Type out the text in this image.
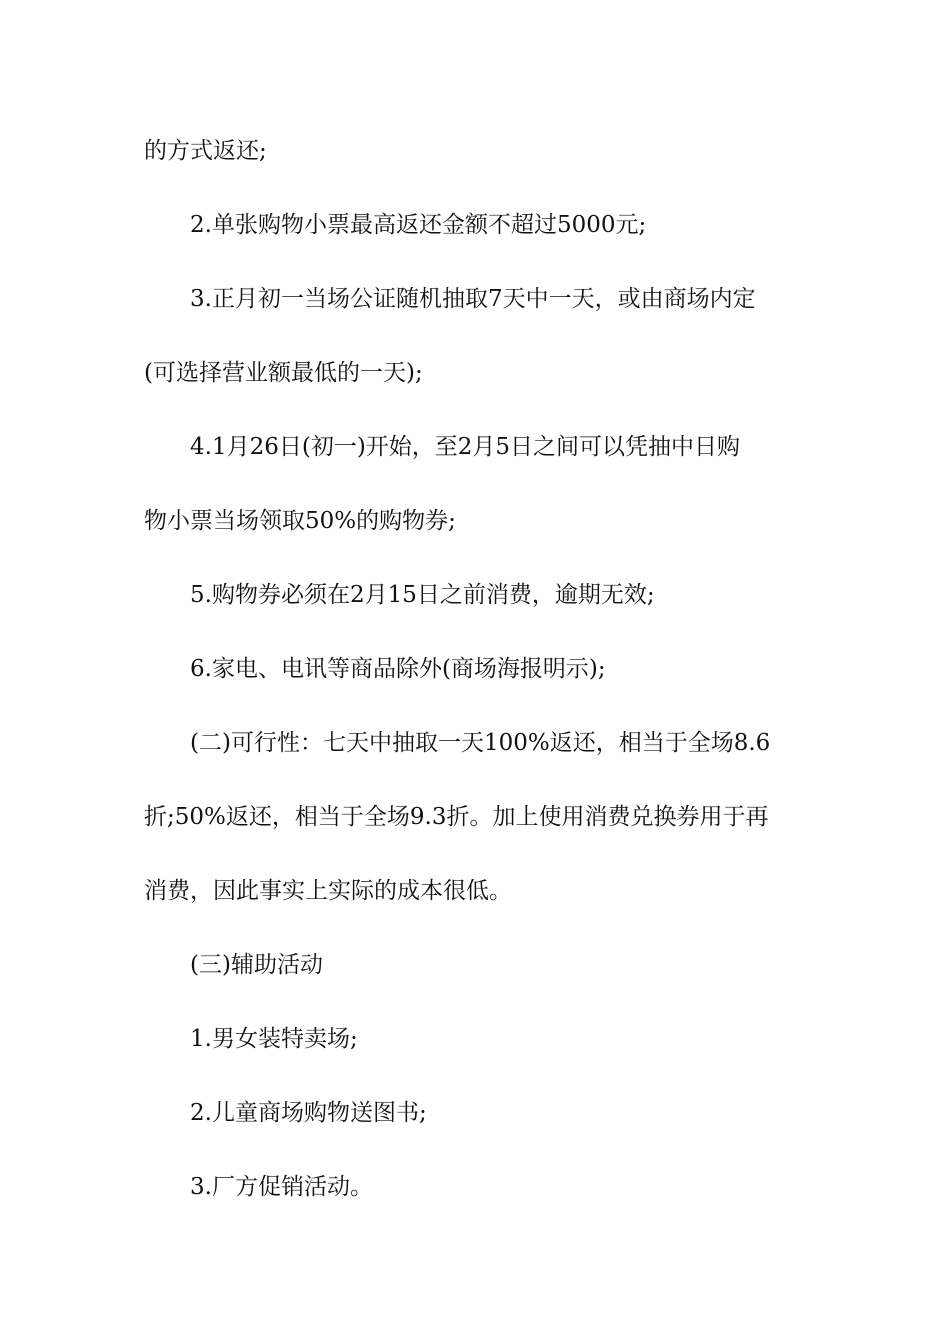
的方式返还;
2.单张购物小票最高返还金额不超过5000元;
3.正月初一当场公证随机抽取7天中一天，或由商场内定
(可选择营业额最低的一天);
4.1月26日(初一)开始，至2月5日之间可以凭抽中日购
物小票当场领取50%的购物券;
5.购物券必须在2月15日之前消费，逾期无效;
6.家电、电讯等商品除外(商场海报明示);
(二)可行性：七天中抽取一天100%返还，相当于全场8.6
折;50%返还，相当于全场9.3折。加上使用消费兑换券用于再
消费，因此事实上实际的成本很低。
(三)辅助活动
1.男女装特卖场;
2.儿童商场购物送图书;
3.厂方促销活动。
